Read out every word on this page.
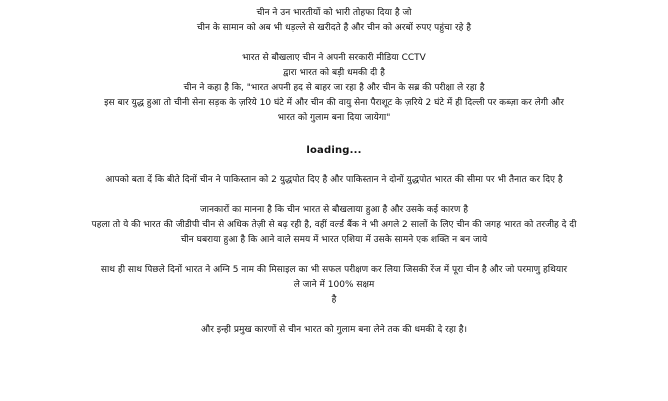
चीन ने उन भारतीयों को भारी तोहफा दिया है जो

चीन के सामान को अब भी धड़ल्ले से खरीदते है और चीन को अरबों रुपए पहुंचा रहे है

भारत से बौखलाए चीन ने अपनी सरकारी मीडिया CCTV

द्वारा भारत को बड़ी धमकी दी है

चीन ने कहा है कि, "भारत अपनी हद से बाहर जा रहा है और चीन के सब्र की परीक्षा ले रहा है

इस बार युद्ध हुआ तो चीनी सेना सड़क के ज़रिये 10 घंटे में और चीन की वायु सेना पैराशूट के ज़रिये 2 घंटे में ही दिल्ली पर कब्ज़ा कर लेगी और

भारत को गुलाम बना दिया जायेगा"

loading...

आपको बता दें कि बीते दिनों चीन ने पाकिस्तान को 2 युद्धपोत दिए है और पाकिस्तान ने दोनों युद्धपोत भारत की सीमा पर भी तैनात कर दिए है

जानकारों का मानना है कि चीन भारत से बौखलाया हुआ है और उसके कई कारण है

पहला तो ये की भारत की जीडीपी चीन से अधिक तेज़ी से बढ़ रही है, वहीं वर्ल्ड बैंक ने भी अगले 2 सालों के लिए चीन की जगह भारत को तरजीह दे दी

चीन घबराया हुआ है कि आने वाले समय में भारत एशिया में उसके सामने एक शक्ति न बन जाये

साथ ही साथ पिछले दिनों भारत ने अग्नि 5 नाम की मिसाइल का भी सफल परीक्षण कर लिया जिसकी रेंज में पूरा चीन है और जो परमाणु हथियार

ले जाने में 100% सक्षम

है

और इन्ही प्रमुख कारणों से चीन भारत को गुलाम बना लेने तक की धमकी दे रहा है।
